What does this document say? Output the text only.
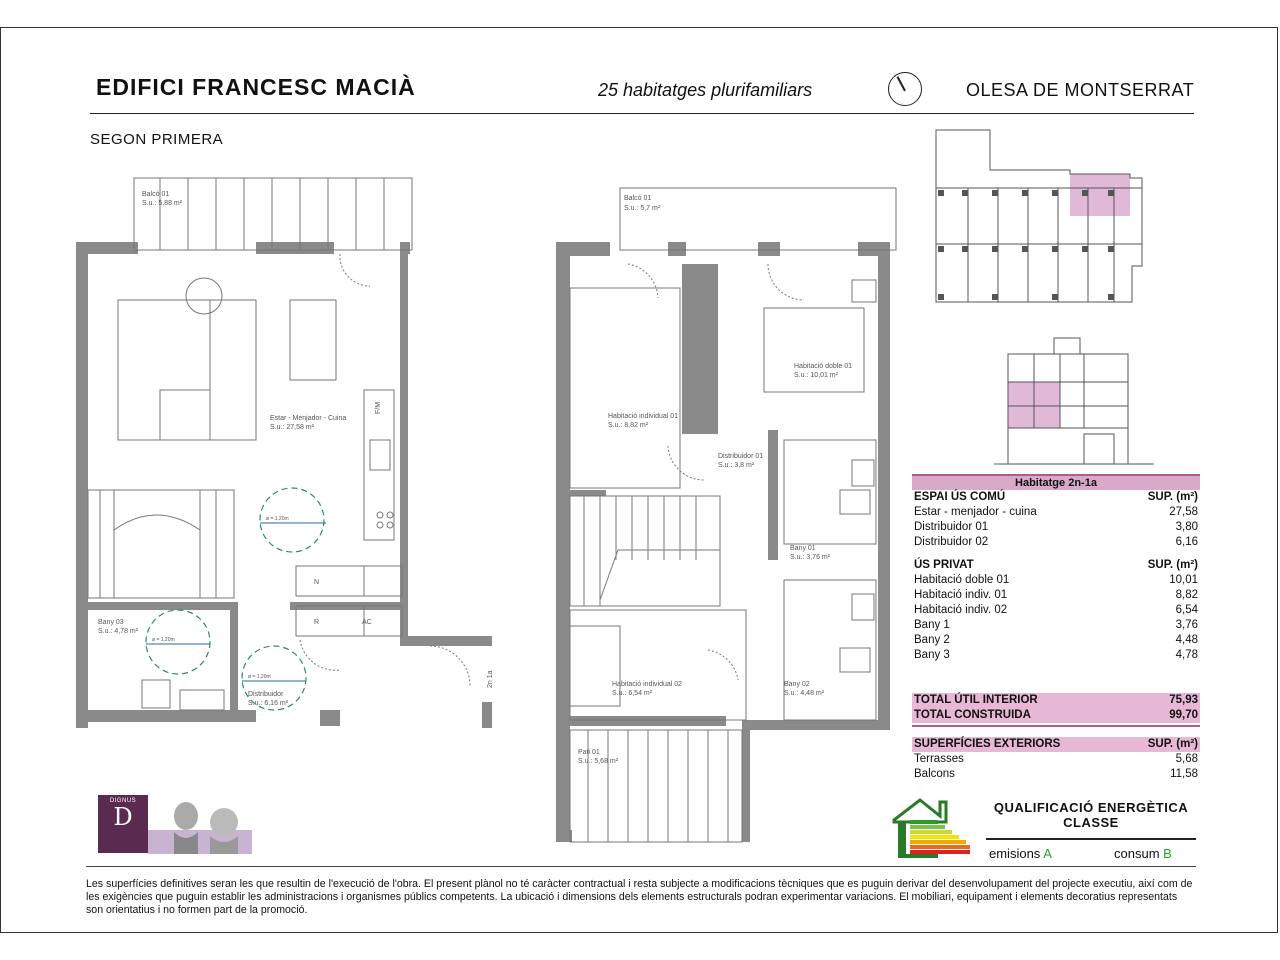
EDIFICI FRANCESC MACIÀ	25 habitatges plurifamiliars	OLESA DE MONTSERRAT
SEGON PRIMERA
Balcó 01
S.u.: 5,88 m²
Estar - Menjador - Cuina
S.u.: 27,58 m²
ø = 1,20m
Bany 03
S.u.: 4,78 m²
ø = 1,20m
ø = 1,20m
Distribuidor
S.u.: 6,16 m²
N
R	AC
F/M
2n 1a
Balcó 01
S.u.: 5,7 m²
Habitació doble 01
S.u.: 10,01 m²
Habitació individual 01
S.u.: 8,82 m²
Distribuidor 01
S.u.: 3,8 m²
Bany 01
S.u.: 3,76 m²
Habitació individual 02
S.u.: 6,54 m²
Bany 02
S.u.: 4,48 m²
Pati 01
S.u.: 5,68 m²
Habitatge 2n-1a
ESPAI ÚS COMÚ	SUP. (m²)
Estar - menjador - cuina	27,58
Distribuidor 01	3,80
Distribuidor 02	6,16
ÚS PRIVAT	SUP. (m²)
Habitació doble 01	10,01
Habitació indiv. 01	8,82
Habitació indiv. 02	6,54
Bany 1	3,76
Bany 2	4,48
Bany 3	4,78
TOTAL ÚTIL INTERIOR	75,93
TOTAL CONSTRUIDA	99,70
SUPERFÍCIES EXTERIORS	SUP. (m²)
Terrasses	5,68
Balcons	11,58
QUALIFICACIÓ ENERGÈTICA
CLASSE
emisions A	consum B
DIGNUS
D
Les superfícies definitives seran les que resultin de l'execució de l'obra. El present plànol no té caràcter contractual i resta subjecte a modificacions tècniques que es puguin derivar del desenvolupament del projecte executiu, així com de les exigències que puguin establir les administracions i organismes públics competents. La ubicació i dimensions dels elements estructurals podran experimentar variacions. El mobiliari, equipament i elements decoratius representats son orientatius i no formen part de la promoció.
